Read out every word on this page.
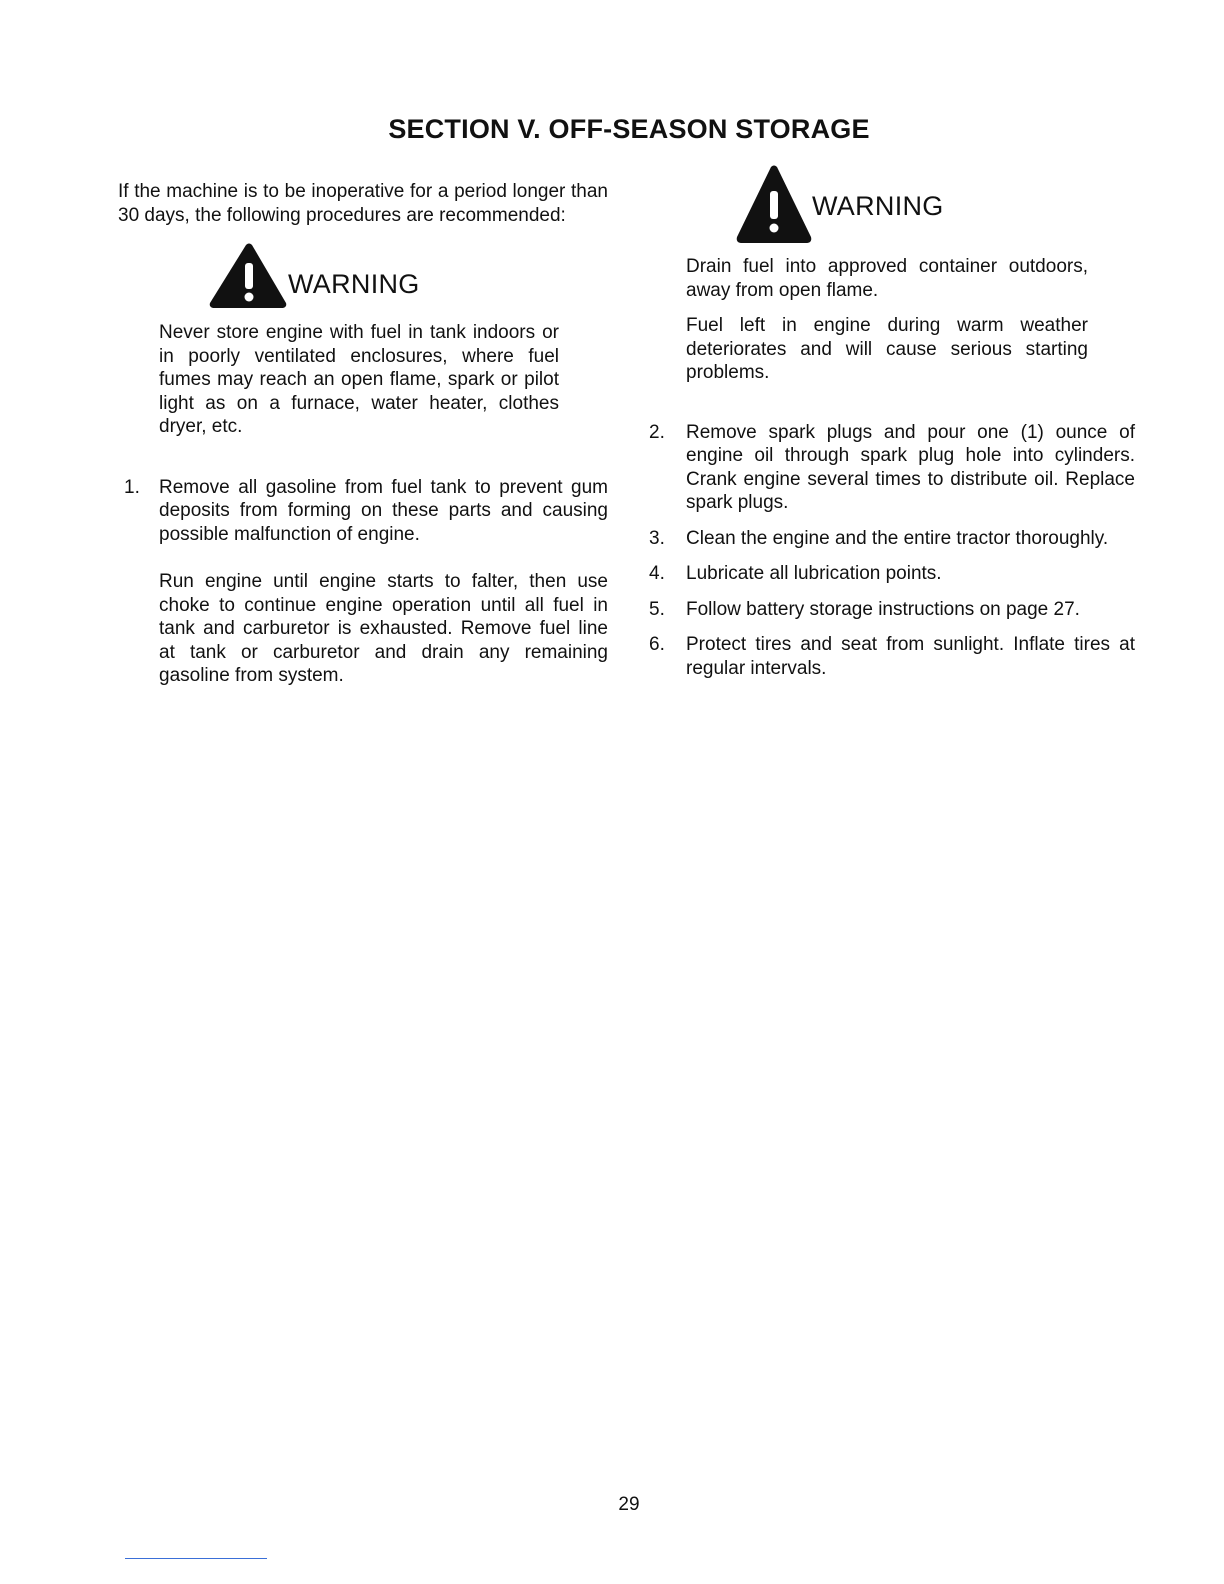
SECTION V. OFF-SEASON STORAGE

If the machine is to be inoperative for a period longer than 30 days, the following procedures are recommended:

WARNING

Never store engine with fuel in tank indoors or in poorly ventilated enclosures, where fuel fumes may reach an open flame, spark or pilot light as on a furnace, water heater, clothes dryer, etc.

1. Remove all gasoline from fuel tank to prevent gum deposits from forming on these parts and causing possible malfunction of engine.

Run engine until engine starts to falter, then use choke to continue engine operation until all fuel in tank and carburetor is exhausted. Remove fuel line at tank or carburetor and drain any remaining gasoline from system.

WARNING

Drain fuel into approved container outdoors, away from open flame.

Fuel left in engine during warm weather deteriorates and will cause serious starting problems.

2. Remove spark plugs and pour one (1) ounce of engine oil through spark plug hole into cylinders. Crank engine several times to distribute oil. Replace spark plugs.

3. Clean the engine and the entire tractor thoroughly.

4. Lubricate all lubrication points.

5. Follow battery storage instructions on page 27.

6. Protect tires and seat from sunlight. Inflate tires at regular intervals.

29
